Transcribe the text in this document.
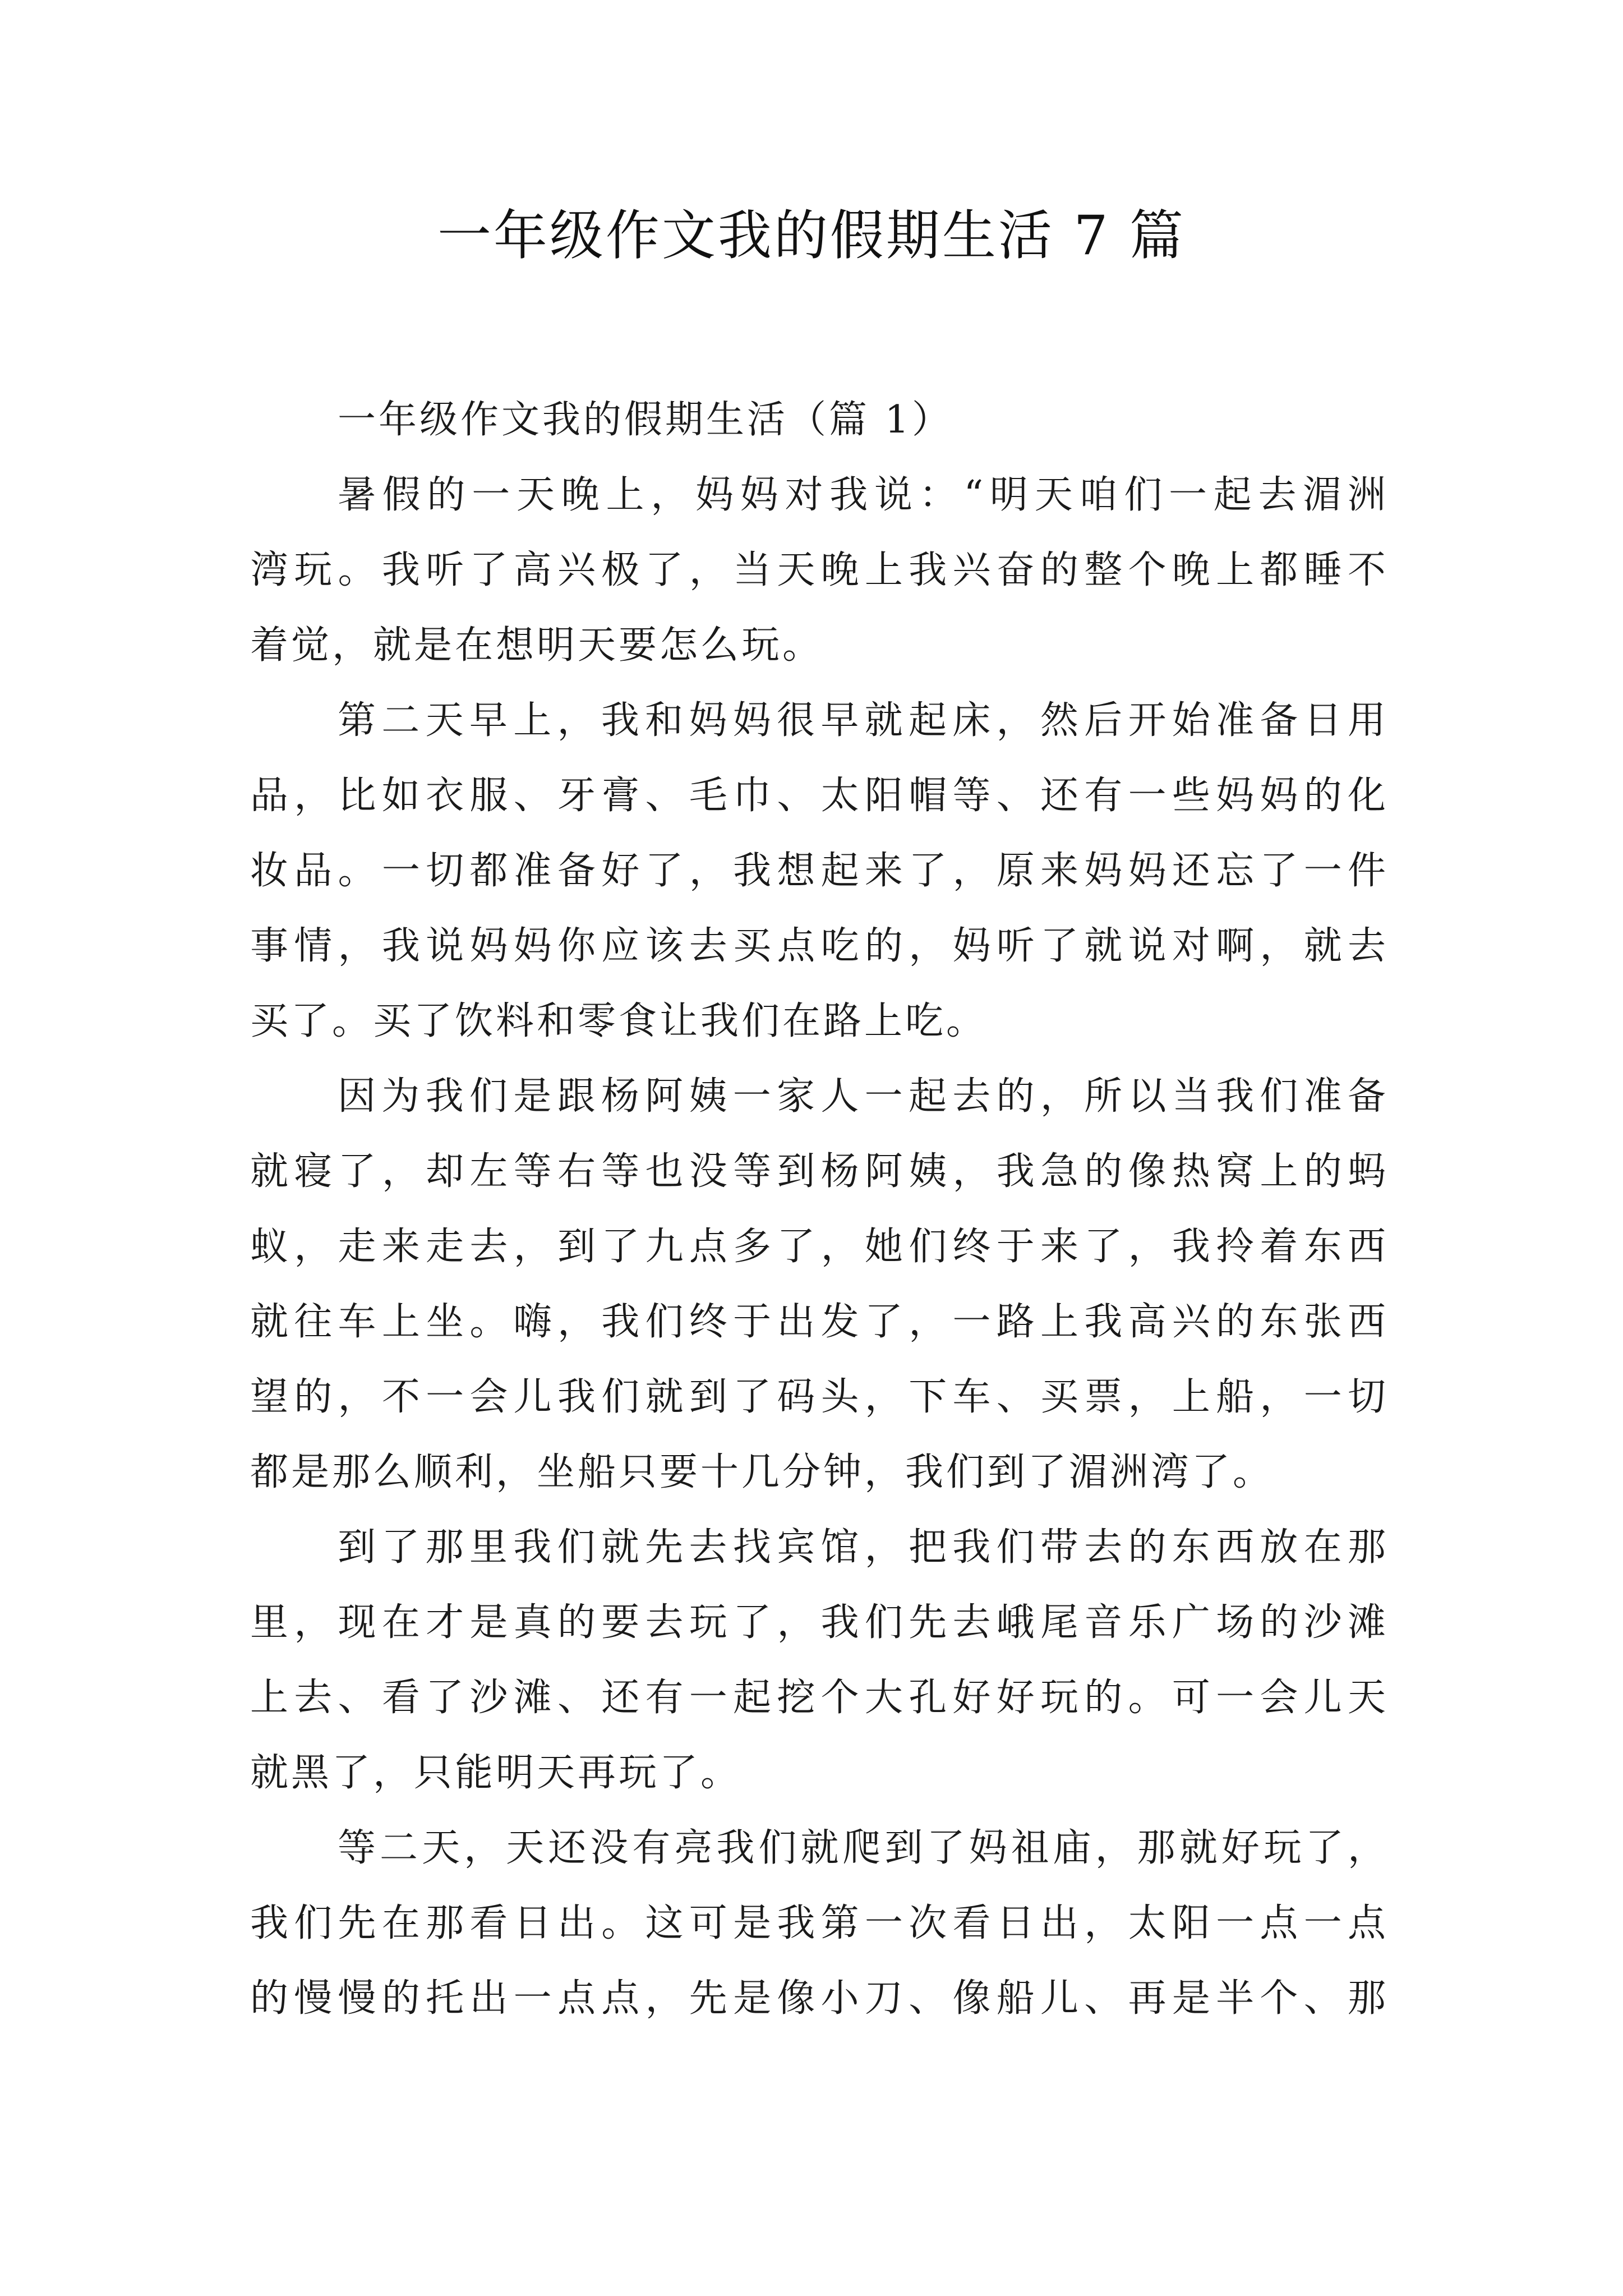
一年级作文我的假期生活 7 篇
一年级作文我的假期生活（篇 1）
暑假的一天晚上，妈妈对我说：“明天咱们一起去湄洲
湾玩。我听了高兴极了，当天晚上我兴奋的整个晚上都睡不
着觉，就是在想明天要怎么玩。
第二天早上，我和妈妈很早就起床，然后开始准备日用
品，比如衣服、牙膏、毛巾、太阳帽等、还有一些妈妈的化
妆品。一切都准备好了，我想起来了，原来妈妈还忘了一件
事情，我说妈妈你应该去买点吃的，妈听了就说对啊，就去
买了。买了饮料和零食让我们在路上吃。
因为我们是跟杨阿姨一家人一起去的，所以当我们准备
就寝了，却左等右等也没等到杨阿姨，我急的像热窝上的蚂
蚁，走来走去，到了九点多了，她们终于来了，我拎着东西
就往车上坐。嗨，我们终于出发了，一路上我高兴的东张西
望的，不一会儿我们就到了码头，下车、买票，上船，一切
都是那么顺利，坐船只要十几分钟，我们到了湄洲湾了。
到了那里我们就先去找宾馆，把我们带去的东西放在那
里，现在才是真的要去玩了，我们先去峨尾音乐广场的沙滩
上去、看了沙滩、还有一起挖个大孔好好玩的。可一会儿天
就黑了，只能明天再玩了。
等二天，天还没有亮我们就爬到了妈祖庙，那就好玩了，
我们先在那看日出。这可是我第一次看日出，太阳一点一点
的慢慢的托出一点点，先是像小刀、像船儿、再是半个、那
